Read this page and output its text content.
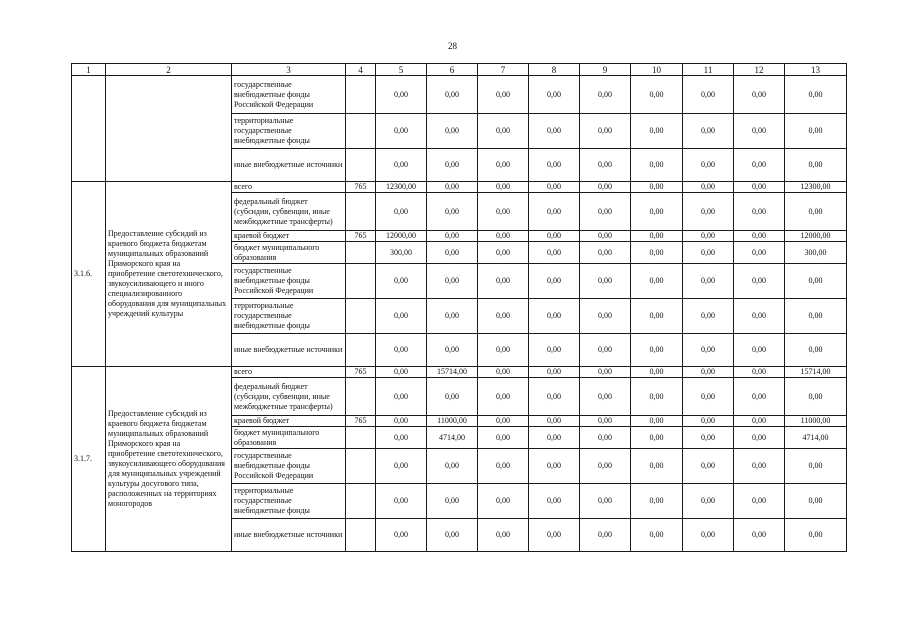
28
1	2	3	4	5	6	7	8	9	10	11	12	13
		государственные внебюджетные фонды Российской Федерации		0,00	0,00	0,00	0,00	0,00	0,00	0,00	0,00	0,00
		территориальные государственные внебюджетные фонды		0,00	0,00	0,00	0,00	0,00	0,00	0,00	0,00	0,00
		иные внебюджетные источники		0,00	0,00	0,00	0,00	0,00	0,00	0,00	0,00	0,00
3.1.6.	Предоставление субсидий из краевого бюджета бюджетам муниципальных образований Приморского края на приобретение светотехнического, звукоусиливающего и иного специализированного оборудования для муниципальных учреждений культуры	всего	765	12300,00	0,00	0,00	0,00	0,00	0,00	0,00	0,00	12300,00
		федеральный бюджет (субсидии, субвенции, иные межбюджетные трансферты)		0,00	0,00	0,00	0,00	0,00	0,00	0,00	0,00	0,00
		краевой бюджет	765	12000,00	0,00	0,00	0,00	0,00	0,00	0,00	0,00	12000,00
		бюджет муниципального образования		300,00	0,00	0,00	0,00	0,00	0,00	0,00	0,00	300,00
		государственные внебюджетные фонды Российской Федерации		0,00	0,00	0,00	0,00	0,00	0,00	0,00	0,00	0,00
		территориальные государственные внебюджетные фонды		0,00	0,00	0,00	0,00	0,00	0,00	0,00	0,00	0,00
		иные внебюджетные источники		0,00	0,00	0,00	0,00	0,00	0,00	0,00	0,00	0,00
3.1.7.	Предоставление субсидий из краевого бюджета бюджетам муниципальных образований Приморского края на приобретение светотехнического, звукоусиливающего оборудования для муниципальных учреждений культуры досугового типа, расположенных на территориях моногородов	всего	765	0,00	15714,00	0,00	0,00	0,00	0,00	0,00	0,00	15714,00
		федеральный бюджет (субсидии, субвенции, иные межбюджетные трансферты)		0,00	0,00	0,00	0,00	0,00	0,00	0,00	0,00	0,00
		краевой бюджет	765	0,00	11000,00	0,00	0,00	0,00	0,00	0,00	0,00	11000,00
		бюджет муниципального образования		0,00	4714,00	0,00	0,00	0,00	0,00	0,00	0,00	4714,00
		государственные внебюджетные фонды Российской Федерации		0,00	0,00	0,00	0,00	0,00	0,00	0,00	0,00	0,00
		территориальные государственные внебюджетные фонды		0,00	0,00	0,00	0,00	0,00	0,00	0,00	0,00	0,00
		иные внебюджетные источники		0,00	0,00	0,00	0,00	0,00	0,00	0,00	0,00	0,00
